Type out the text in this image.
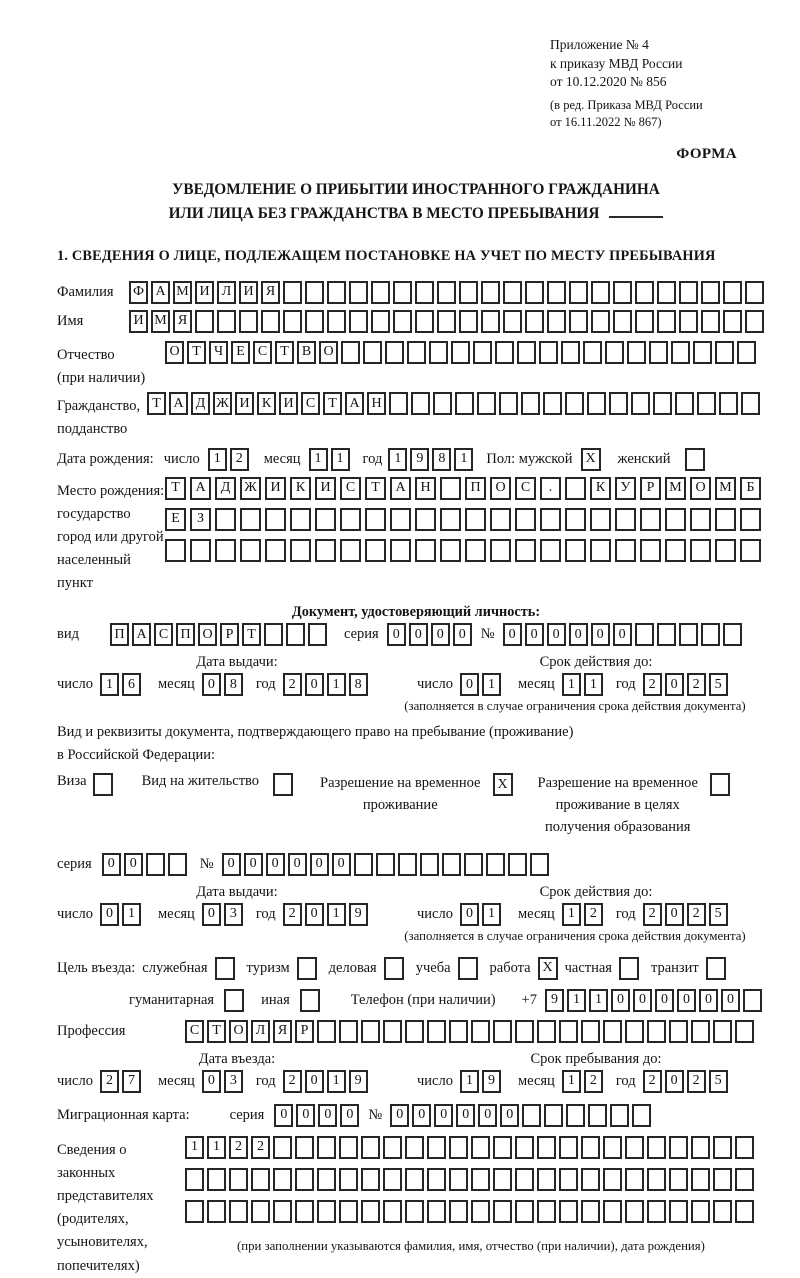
Приложение № 4
к приказу МВД России
от 10.12.2020 № 856
(в ред. Приказа МВД России
от 16.11.2022 № 867)
ФОРМА
УВЕДОМЛЕНИЕ О ПРИБЫТИИ ИНОСТРАННОГО ГРАЖДАНИНА
ИЛИ ЛИЦА БЕЗ ГРАЖДАНСТВА В МЕСТО ПРЕБЫВАНИЯ
1. СВЕДЕНИЯ О ЛИЦЕ, ПОДЛЕЖАЩЕМ ПОСТАНОВКЕ НА УЧЕТ ПО МЕСТУ ПРЕБЫВАНИЯ
Фамилия	Ф А М И Л И Я
Имя	И М Я
Отчество
(при наличии)
О Т Ч Е С Т В О
Гражданство,
подданство
Т А Д Ж И К И С Т А Н
Дата рождения: число	1	2	месяц	1	1	год 1	9	8	1	Пол: мужской X	женский
Место рождения:
государство
город или другой
населенный пункт
Т	А	Д Ж И	К	И	С	Т	А	Н	П	О	С	.	К	У	Р	М О М	Б
Е	З
Документ, удостоверяющий личность:
вид	П А С П О Р Т	серия	0	0	0	0	№	0	0	0	0	0	0
Дата выдачи:	Срок действия до:
число 1	6	месяц 0	8	год 2	0	1	8	число 0	1	месяц 1	1	год 2	0	2	5
(заполняется в случае ограничения срока действия документа)
Вид и реквизиты документа, подтверждающего право на пребывание (проживание)
в Российской Федерации:
Виза	Вид на жительство	Разрешение на временное
проживание
X	Разрешение на временное
проживание в целях
получения образования
серия	0	0	№	0	0	0	0	0	0
Дата выдачи:	Срок действия до:
число 0	1	месяц 0	3	год 2	0	1	9	число 0	1	месяц 1	2	год 2	0	2	5
(заполняется в случае ограничения срока действия документа)
Цель въезда: служебная	туризм	деловая	учеба	работа X частная	транзит
гуманитарная	иная	Телефон (при наличии) +7	9	1	1	0	0	0	0	0	0
Профессия	С Т О Л Я Р
Дата въезда:	Срок пребывания до:
число 2	7	месяц 0	3	год 2	0	1	9	число 1	9	месяц 1	2	год 2	0	2	5
Миграционная карта:	серия	0	0	0	0	№	0	0	0	0	0	0
Сведения о
законных
представителях
(родителях,
усыновителях,
попечителях)
1	1	2	2
(при заполнении указываются фамилия, имя, отчество (при наличии), дата рождения)
